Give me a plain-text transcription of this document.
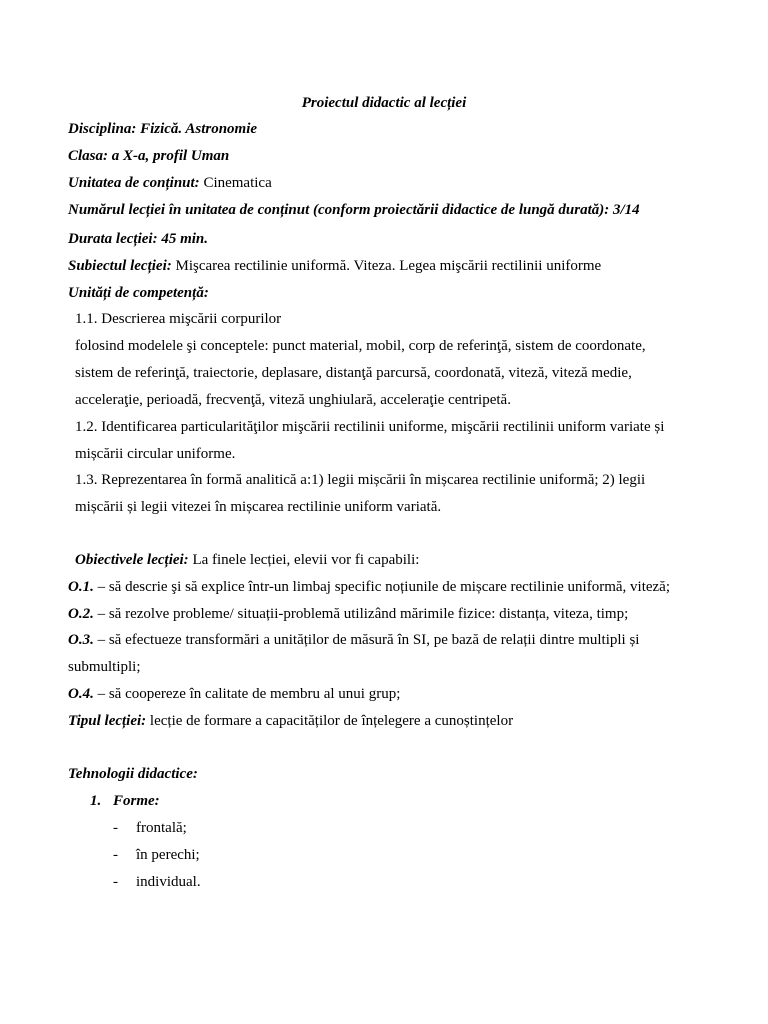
Proiectul didactic al lecției
Disciplina: Fizică. Astronomie
Clasa: a X-a, profil Uman
Unitatea de conținut: Cinematica
Numărul lecției în unitatea de conținut (conform proiectării didactice de lungă durată): 3/14
Durata lecției: 45 min.
Subiectul lecției: Mişcarea rectilinie uniformă. Viteza. Legea mişcării rectilinii uniforme
Unități de competență:
1.1. Descrierea mişcării corpurilor
folosind modelele şi conceptele: punct material, mobil, corp de referinţă, sistem de coordonate,
sistem de referinţă, traiectorie, deplasare, distanţă parcursă, coordonată, viteză, viteză medie,
acceleraţie, perioadă, frecvenţă, viteză unghiulară, acceleraţie centripetă.
1.2. Identificarea particularităţilor mişcării rectilinii uniforme, mişcării rectilinii uniform variate și
mișcării circular uniforme.
1.3. Reprezentarea în formă analitică a:1) legii mișcării în mișcarea rectilinie uniformă; 2) legii
mișcării și legii vitezei în mișcarea rectilinie uniform variată.
Obiectivele lecției: La finele lecției, elevii vor fi capabili:
O.1. – să descrie şi să explice într-un limbaj specific noțiunile de mișcare rectilinie uniformă, viteză;
O.2. – să rezolve probleme/ situații-problemă utilizând mărimile fizice: distanța, viteza, timp;
O.3. – să efectueze transformări a unităților de măsură în SI, pe bază de relații dintre multipli și
submultipli;
O.4. – să coopereze în calitate de membru al unui grup;
Tipul lecției: lecție de formare a capacităților de înțelegere a cunoștințelor
Tehnologii didactice:
1. Forme:
- frontală;
- în perechi;
- individual.
